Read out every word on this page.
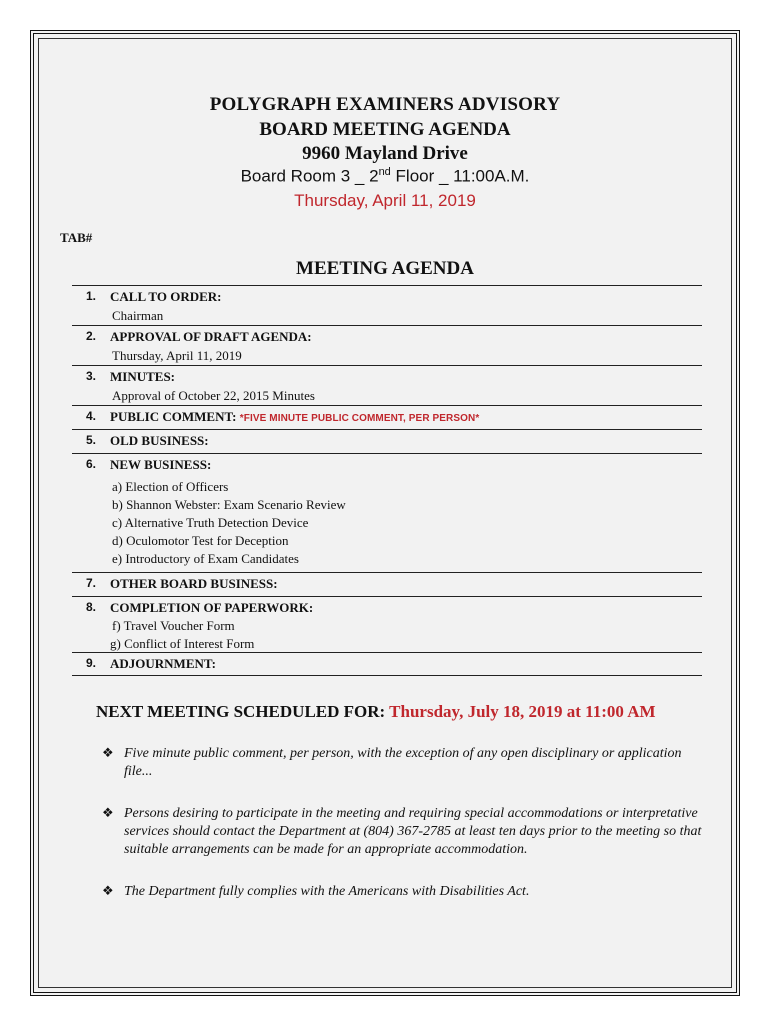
POLYGRAPH EXAMINERS ADVISORY
BOARD MEETING AGENDA
9960 Mayland Drive
Board Room 3 _ 2nd Floor _ 11:00A.M.
Thursday, April 11, 2019
TAB#
MEETING AGENDA
1. CALL TO ORDER:
Chairman
2. APPROVAL OF DRAFT AGENDA:
Thursday, April 11, 2019
3. MINUTES:
Approval of October 22, 2015 Minutes
4. PUBLIC COMMENT: *FIVE MINUTE PUBLIC COMMENT, PER PERSON*
5. OLD BUSINESS:
6. NEW BUSINESS:
a) Election of Officers
b) Shannon Webster: Exam Scenario Review
c) Alternative Truth Detection Device
d) Oculomotor Test for Deception
e) Introductory of Exam Candidates
7. OTHER BOARD BUSINESS:
8. COMPLETION OF PAPERWORK:
f) Travel Voucher Form
g) Conflict of Interest Form
9. ADJOURNMENT:
NEXT MEETING SCHEDULED FOR: Thursday, July 18, 2019 at 11:00 AM
❖ Five minute public comment, per person, with the exception of any open disciplinary or application file...
❖ Persons desiring to participate in the meeting and requiring special accommodations or interpretative services should contact the Department at (804) 367-2785 at least ten days prior to the meeting so that suitable arrangements can be made for an appropriate accommodation.
❖ The Department fully complies with the Americans with Disabilities Act.
